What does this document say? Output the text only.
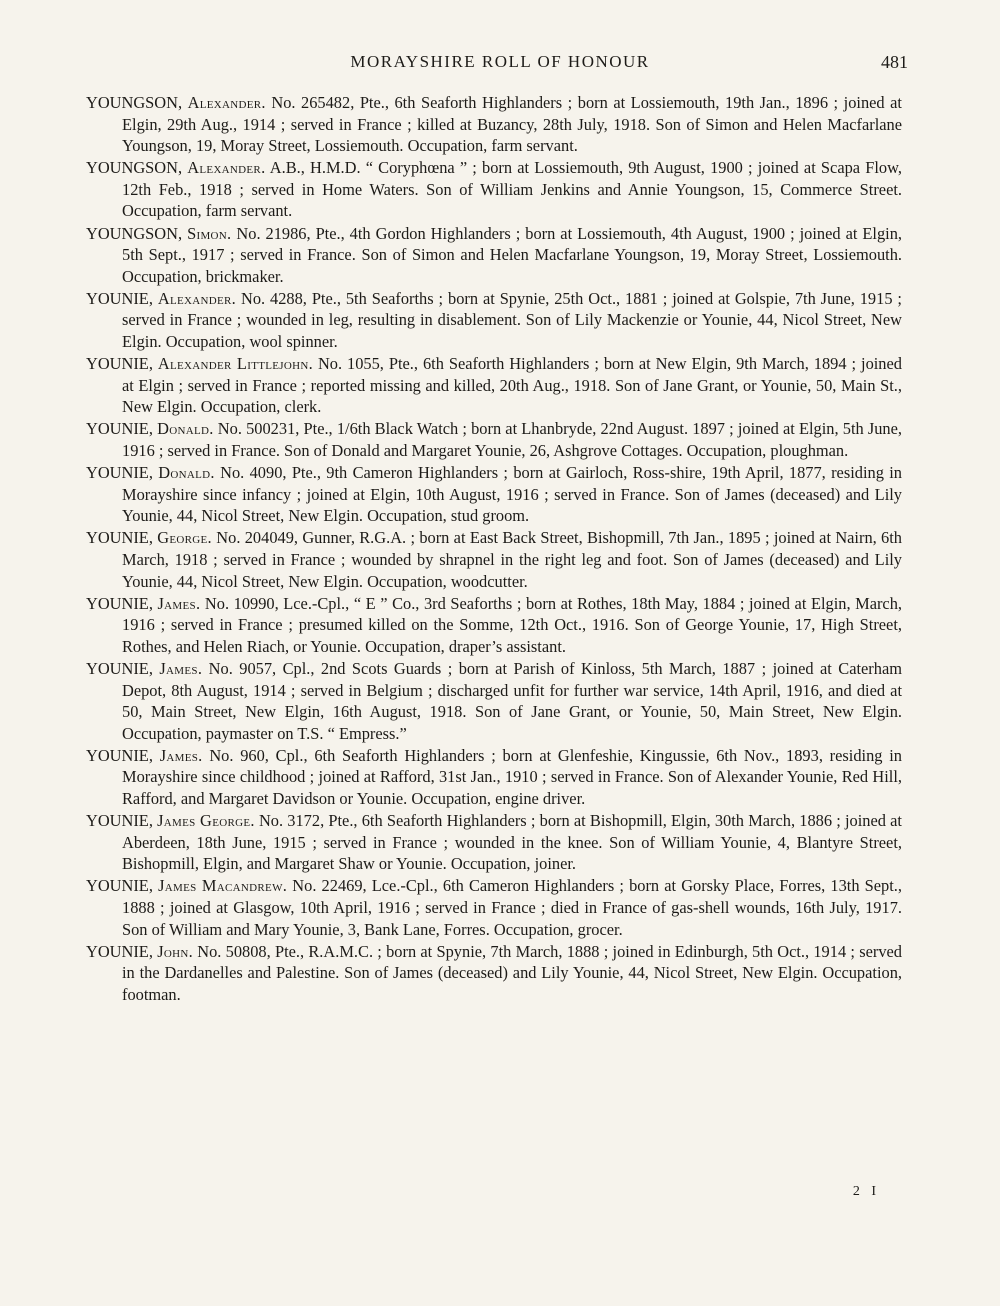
MORAYSHIRE ROLL OF HONOUR	481

YOUNGSON, Alexander. No. 265482, Pte., 6th Seaforth Highlanders ; born at Lossiemouth, 19th Jan., 1896 ; joined at Elgin, 29th Aug., 1914 ; served in France ; killed at Buzancy, 28th July, 1918. Son of Simon and Helen Macfarlane Youngson, 19, Moray Street, Lossiemouth. Occupation, farm servant.

YOUNGSON, Alexander. A.B., H.M.D. “ Coryphœna ” ; born at Lossiemouth, 9th August, 1900 ; joined at Scapa Flow, 12th Feb., 1918 ; served in Home Waters. Son of William Jenkins and Annie Youngson, 15, Commerce Street. Occupation, farm servant.

YOUNGSON, Simon. No. 21986, Pte., 4th Gordon Highlanders ; born at Lossiemouth, 4th August, 1900 ; joined at Elgin, 5th Sept., 1917 ; served in France. Son of Simon and Helen Macfarlane Youngson, 19, Moray Street, Lossiemouth. Occupation, brickmaker.

YOUNIE, Alexander. No. 4288, Pte., 5th Seaforths ; born at Spynie, 25th Oct., 1881 ; joined at Golspie, 7th June, 1915 ; served in France ; wounded in leg, resulting in disablement. Son of Lily Mackenzie or Younie, 44, Nicol Street, New Elgin. Occupation, wool spinner.

YOUNIE, Alexander Littlejohn. No. 1055, Pte., 6th Seaforth Highlanders ; born at New Elgin, 9th March, 1894 ; joined at Elgin ; served in France ; reported missing and killed, 20th Aug., 1918. Son of Jane Grant, or Younie, 50, Main St., New Elgin. Occupation, clerk.

YOUNIE, Donald. No. 500231, Pte., 1/6th Black Watch ; born at Lhanbryde, 22nd August. 1897 ; joined at Elgin, 5th June, 1916 ; served in France. Son of Donald and Margaret Younie, 26, Ashgrove Cottages. Occupation, ploughman.

YOUNIE, Donald. No. 4090, Pte., 9th Cameron Highlanders ; born at Gairloch, Ross-shire, 19th April, 1877, residing in Morayshire since infancy ; joined at Elgin, 10th August, 1916 ; served in France. Son of James (deceased) and Lily Younie, 44, Nicol Street, New Elgin. Occupation, stud groom.

YOUNIE, George. No. 204049, Gunner, R.G.A. ; born at East Back Street, Bishopmill, 7th Jan., 1895 ; joined at Nairn, 6th March, 1918 ; served in France ; wounded by shrapnel in the right leg and foot. Son of James (deceased) and Lily Younie, 44, Nicol Street, New Elgin. Occupation, woodcutter.

YOUNIE, James. No. 10990, Lce.-Cpl., “ E ” Co., 3rd Seaforths ; born at Rothes, 18th May, 1884 ; joined at Elgin, March, 1916 ; served in France ; presumed killed on the Somme, 12th Oct., 1916. Son of George Younie, 17, High Street, Rothes, and Helen Riach, or Younie. Occupation, draper’s assistant.

YOUNIE, James. No. 9057, Cpl., 2nd Scots Guards ; born at Parish of Kinloss, 5th March, 1887 ; joined at Caterham Depot, 8th August, 1914 ; served in Belgium ; discharged unfit for further war service, 14th April, 1916, and died at 50, Main Street, New Elgin, 16th August, 1918. Son of Jane Grant, or Younie, 50, Main Street, New Elgin. Occupation, paymaster on T.S. “ Empress.”

YOUNIE, James. No. 960, Cpl., 6th Seaforth Highlanders ; born at Glenfeshie, Kingussie, 6th Nov., 1893, residing in Morayshire since childhood ; joined at Rafford, 31st Jan., 1910 ; served in France. Son of Alexander Younie, Red Hill, Rafford, and Margaret Davidson or Younie. Occupation, engine driver.

YOUNIE, James George. No. 3172, Pte., 6th Seaforth Highlanders ; born at Bishopmill, Elgin, 30th March, 1886 ; joined at Aberdeen, 18th June, 1915 ; served in France ; wounded in the knee. Son of William Younie, 4, Blantyre Street, Bishopmill, Elgin, and Margaret Shaw or Younie. Occupation, joiner.

YOUNIE, James Macandrew. No. 22469, Lce.-Cpl., 6th Cameron Highlanders ; born at Gorsky Place, Forres, 13th Sept., 1888 ; joined at Glasgow, 10th April, 1916 ; served in France ; died in France of gas-shell wounds, 16th July, 1917. Son of William and Mary Younie, 3, Bank Lane, Forres. Occupation, grocer.

YOUNIE, John. No. 50808, Pte., R.A.M.C. ; born at Spynie, 7th March, 1888 ; joined in Edinburgh, 5th Oct., 1914 ; served in the Dardanelles and Palestine. Son of James (deceased) and Lily Younie, 44, Nicol Street, New Elgin. Occupation, footman.

2 I
